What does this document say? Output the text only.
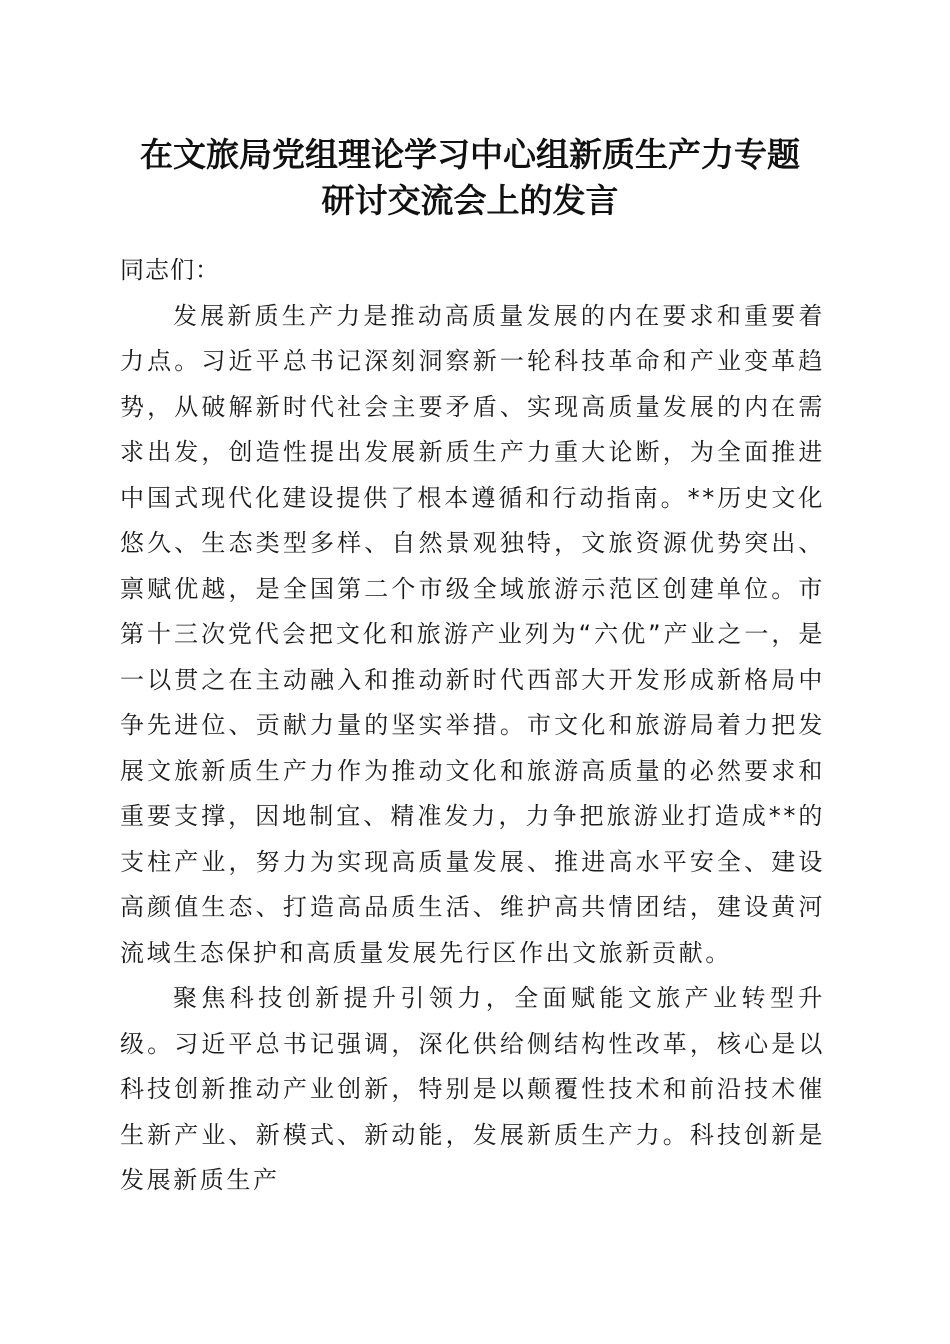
在文旅局党组理论学习中心组新质生产力专题
研讨交流会上的发言

同志们：

发展新质生产力是推动高质量发展的内在要求和重要着力点。习近平总书记深刻洞察新一轮科技革命和产业变革趋势，从破解新时代社会主要矛盾、实现高质量发展的内在需求出发，创造性提出发展新质生产力重大论断，为全面推进中国式现代化建设提供了根本遵循和行动指南。**历史文化悠久、生态类型多样、自然景观独特，文旅资源优势突出、禀赋优越，是全国第二个市级全域旅游示范区创建单位。市第十三次党代会把文化和旅游产业列为“六优”产业之一，是一以贯之在主动融入和推动新时代西部大开发形成新格局中争先进位、贡献力量的坚实举措。市文化和旅游局着力把发展文旅新质生产力作为推动文化和旅游高质量的必然要求和重要支撑，因地制宜、精准发力，力争把旅游业打造成**的支柱产业，努力为实现高质量发展、推进高水平安全、建设高颜值生态、打造高品质生活、维护高共情团结，建设黄河流域生态保护和高质量发展先行区作出文旅新贡献。

聚焦科技创新提升引领力，全面赋能文旅产业转型升级。习近平总书记强调，深化供给侧结构性改革，核心是以科技创新推动产业创新，特别是以颠覆性技术和前沿技术催生新产业、新模式、新动能，发展新质生产力。科技创新是发展新质生产
